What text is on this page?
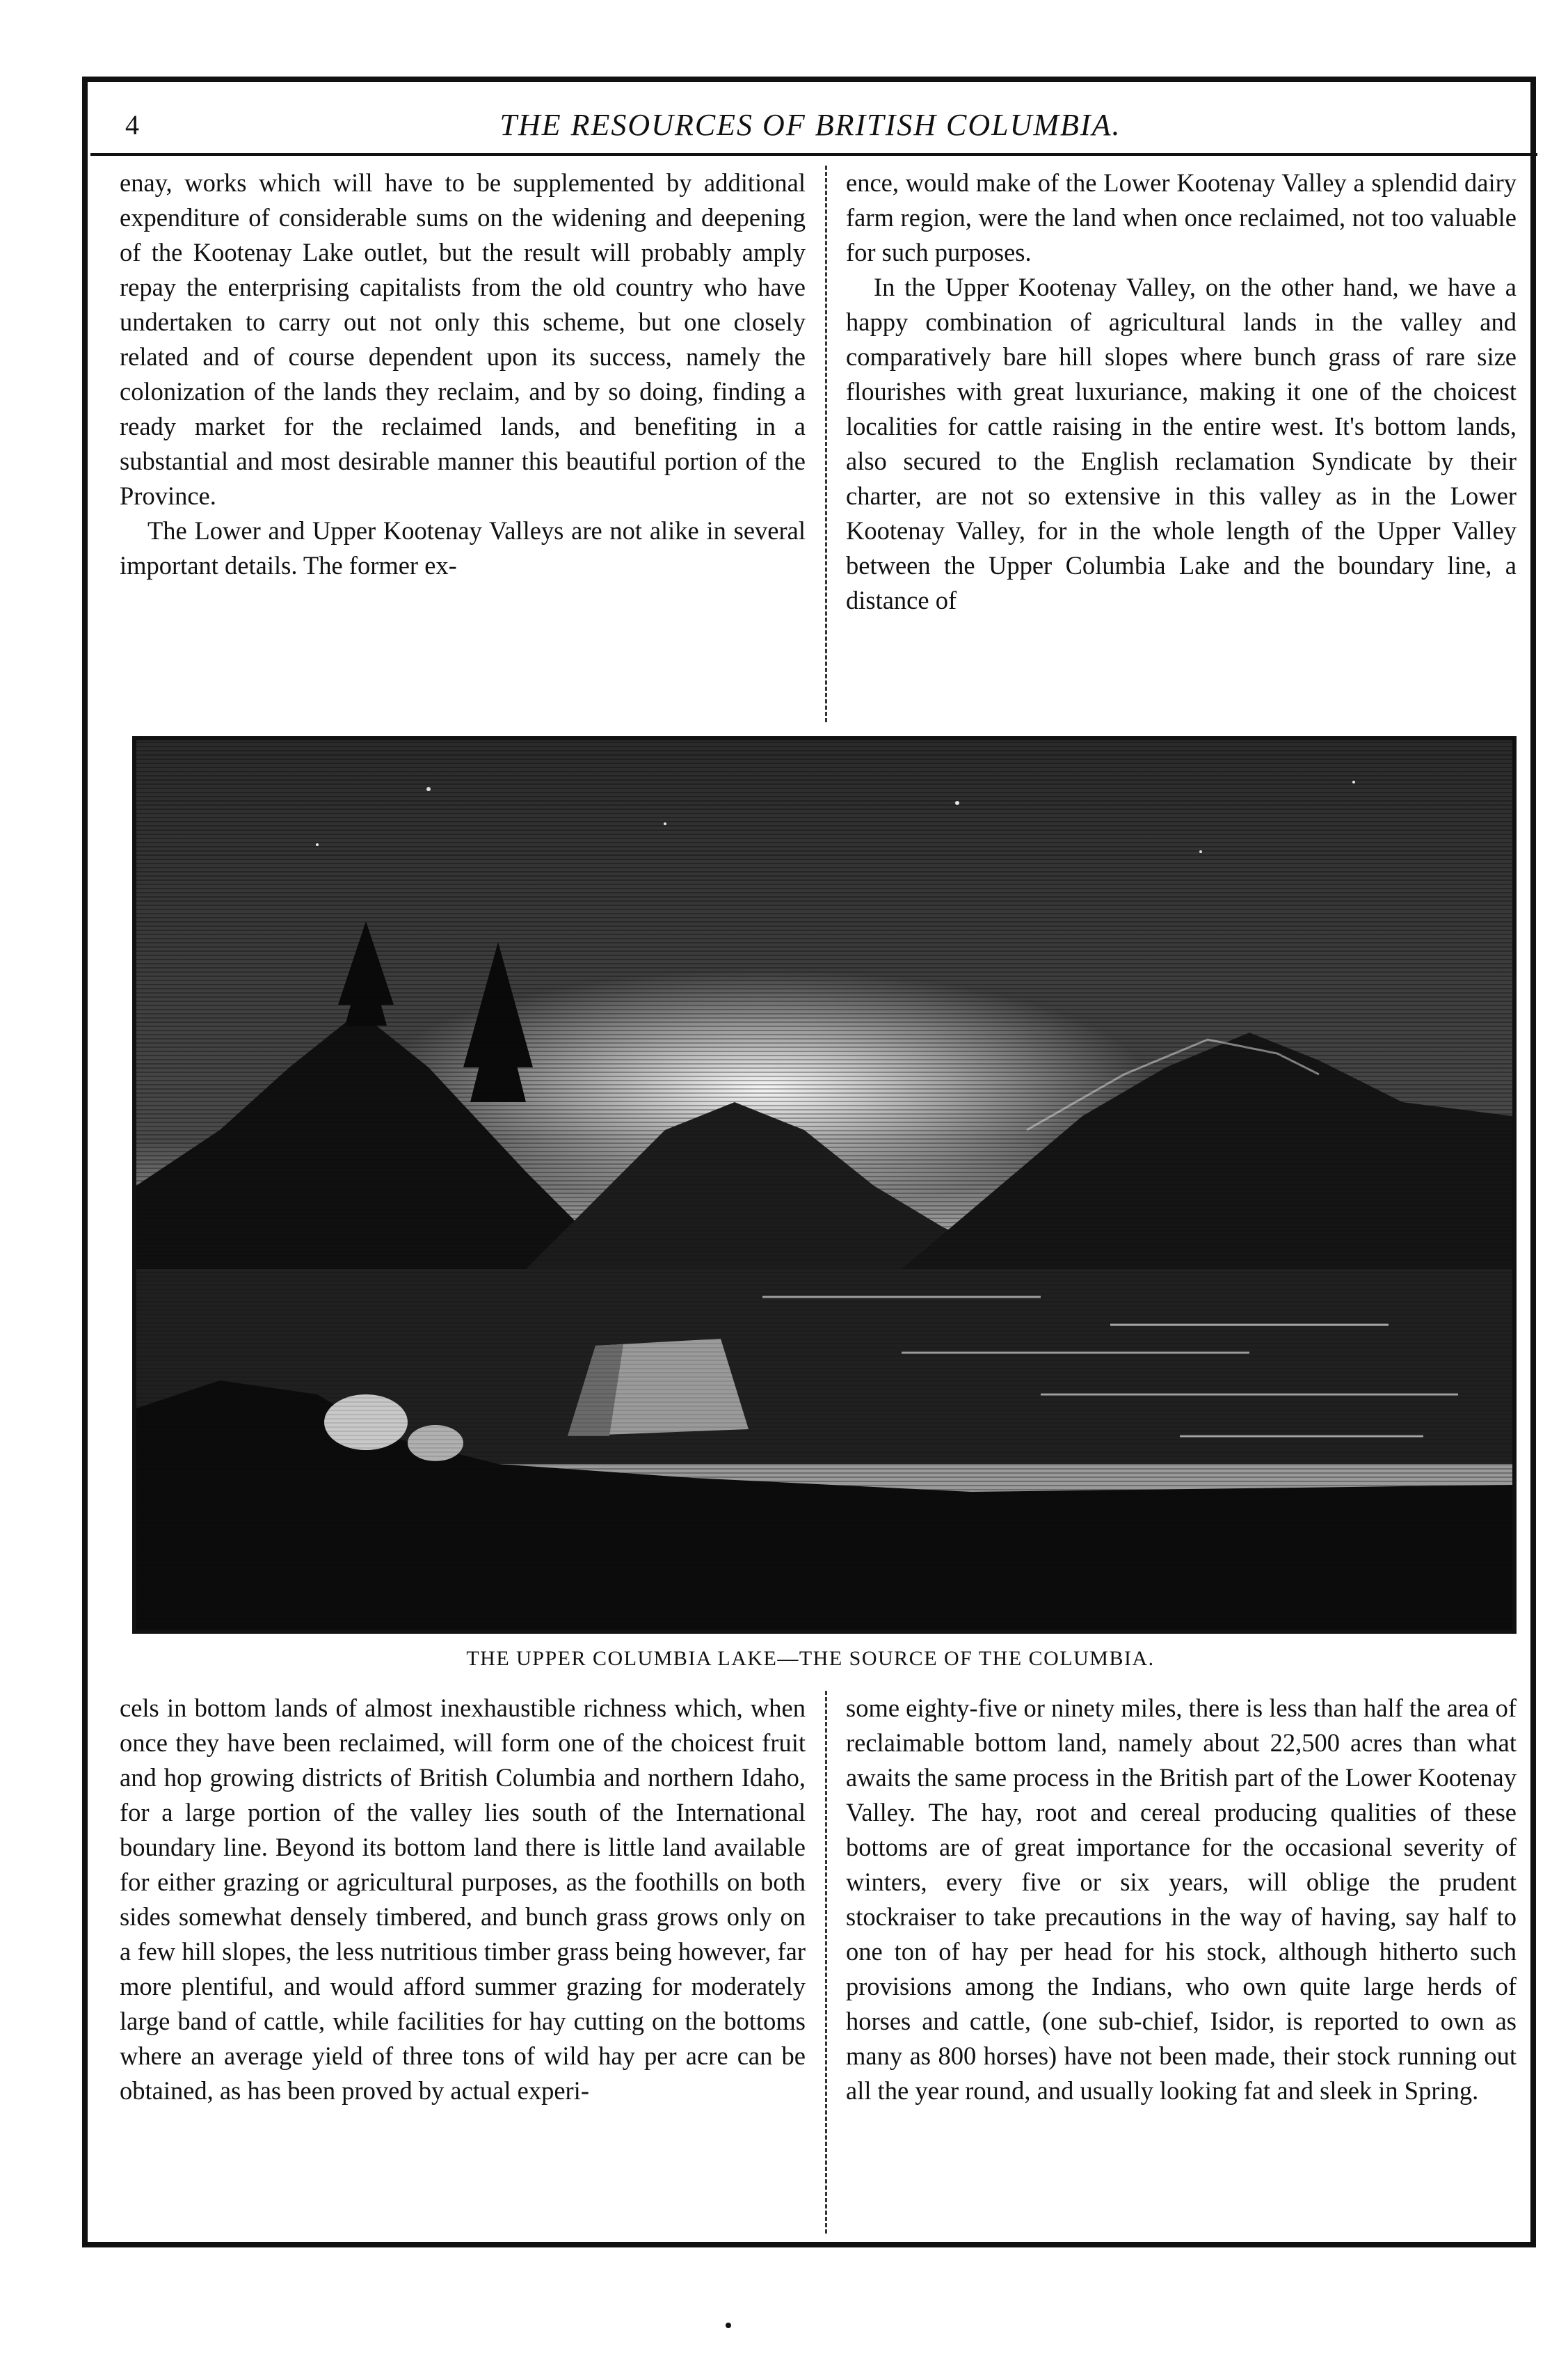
4	THE RESOURCES OF BRITISH COLUMBIA.

enay, works which will have to be supplemented by additional expenditure of considerable sums on the widening and deepening of the Kootenay Lake outlet, but the result will probably amply repay the enterprising capitalists from the old country who have undertaken to carry out not only this scheme, but one closely related and of course dependent upon its success, namely the colonization of the lands they reclaim, and by so doing, finding a ready market for the reclaimed lands, and benefiting in a substantial and most desirable manner this beautiful portion of the Province.

The Lower and Upper Kootenay Valleys are not alike in several important details. The former ex-

ence, would make of the Lower Kootenay Valley a splendid dairy farm region, were the land when once reclaimed, not too valuable for such purposes.

In the Upper Kootenay Valley, on the other hand, we have a happy combination of agricultural lands in the valley and comparatively bare hill slopes where bunch grass of rare size flourishes with great luxuriance, making it one of the choicest localities for cattle raising in the entire west. It's bottom lands, also secured to the English reclamation Syndicate by their charter, are not so extensive in this valley as in the Lower Kootenay Valley, for in the whole length of the Upper Valley between the Upper Columbia Lake and the boundary line, a distance of

THE UPPER COLUMBIA LAKE—THE SOURCE OF THE COLUMBIA.

cels in bottom lands of almost inexhaustible richness which, when once they have been reclaimed, will form one of the choicest fruit and hop growing districts of British Columbia and northern Idaho, for a large portion of the valley lies south of the International boundary line. Beyond its bottom land there is little land available for either grazing or agricultural purposes, as the foothills on both sides somewhat densely timbered, and bunch grass grows only on a few hill slopes, the less nutritious timber grass being however, far more plentiful, and would afford summer grazing for moderately large band of cattle, while facilities for hay cutting on the bottoms where an average yield of three tons of wild hay per acre can be obtained, as has been proved by actual experi-

some eighty-five or ninety miles, there is less than half the area of reclaimable bottom land, namely about 22,500 acres than what awaits the same process in the British part of the Lower Kootenay Valley. The hay, root and cereal producing qualities of these bottoms are of great importance for the occasional severity of winters, every five or six years, will oblige the prudent stockraiser to take precautions in the way of having, say half to one ton of hay per head for his stock, although hitherto such provisions among the Indians, who own quite large herds of horses and cattle, (one sub-chief, Isidor, is reported to own as many as 800 horses) have not been made, their stock running out all the year round, and usually looking fat and sleek in Spring.
